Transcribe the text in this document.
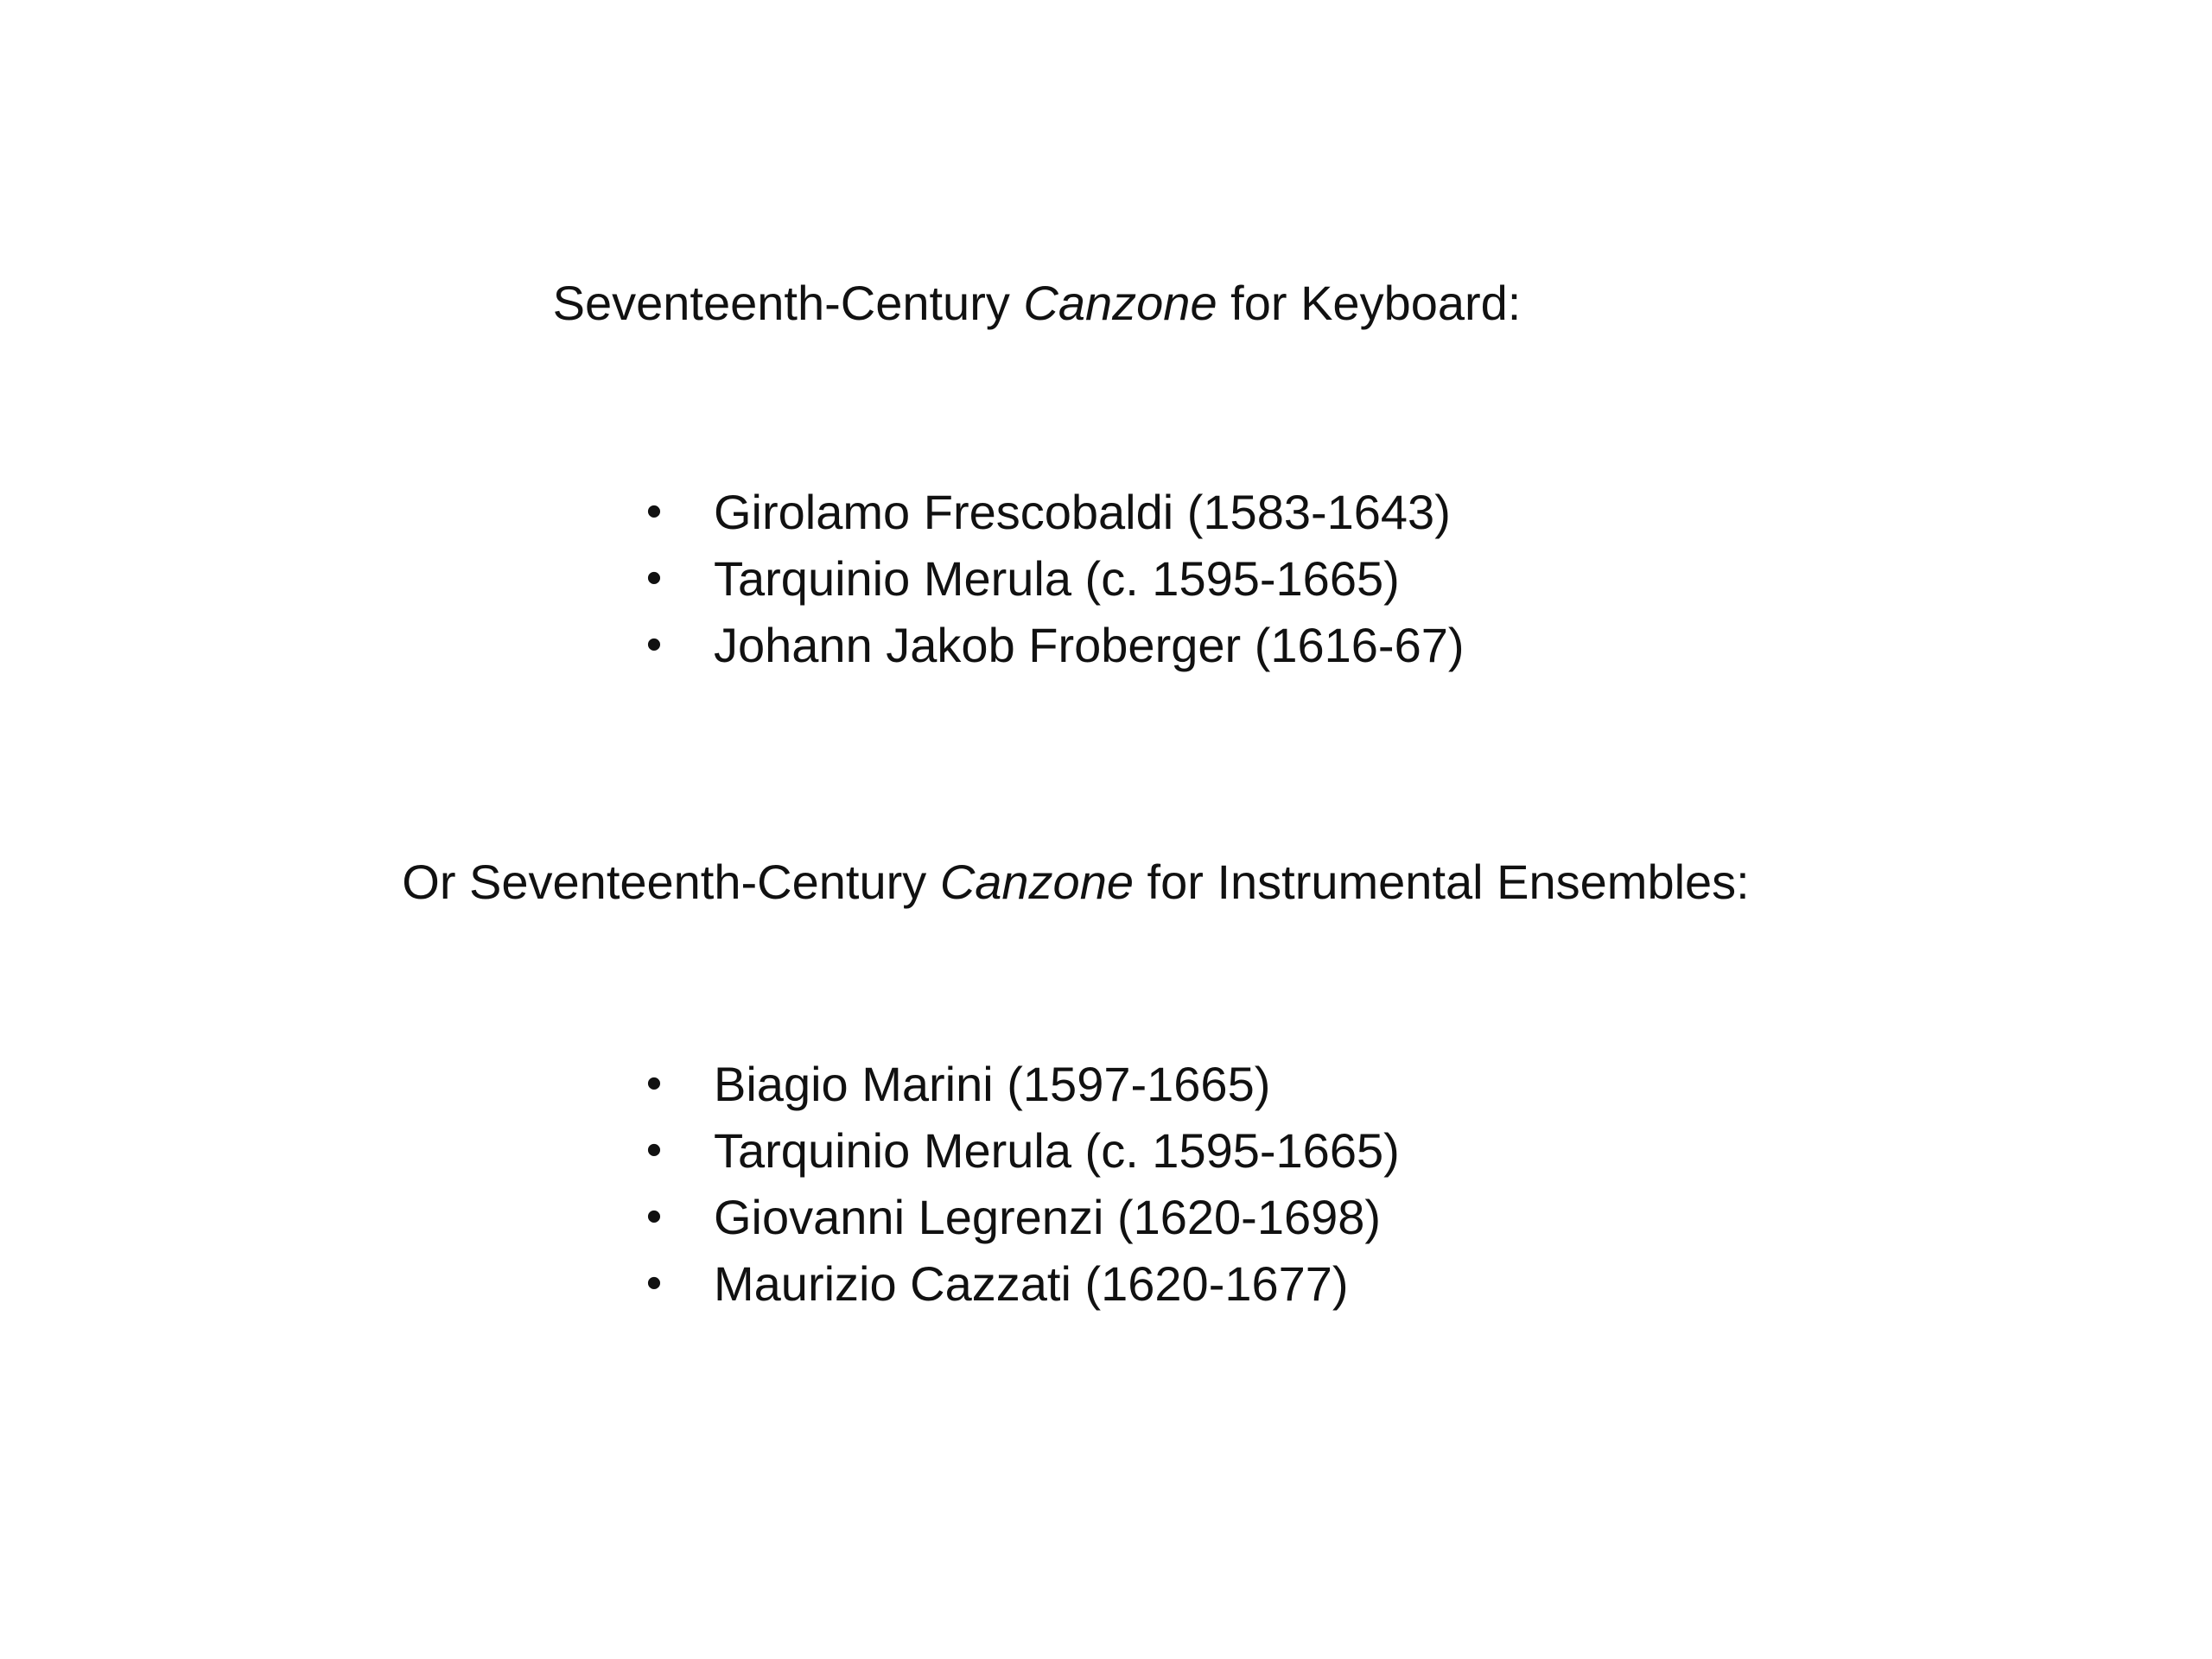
Seventeenth-Century Canzone for Keyboard:
• Girolamo Frescobaldi (1583-1643)
• Tarquinio Merula (c. 1595-1665)
• Johann Jakob Froberger (1616-67)
Or Seventeenth-Century Canzone for Instrumental Ensembles:
• Biagio Marini (1597-1665)
• Tarquinio Merula (c. 1595-1665)
• Giovanni Legrenzi (1620-1698)
• Maurizio Cazzati (1620-1677)
